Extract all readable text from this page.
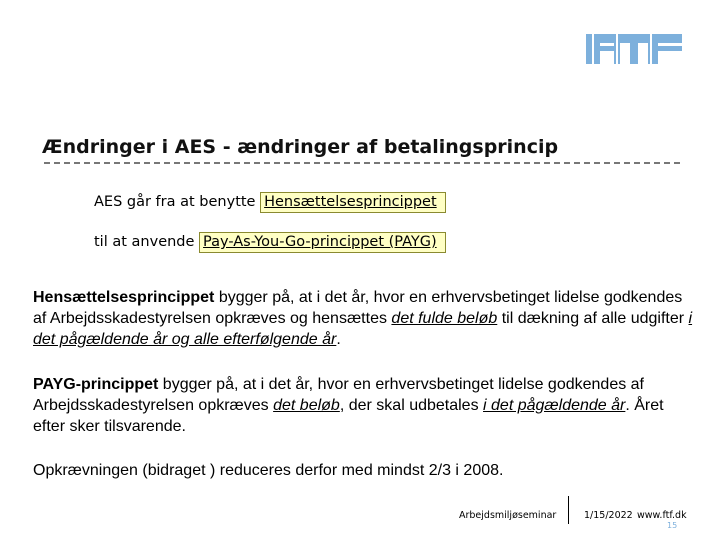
Ændringer i AES - ændringer af betalingsprincip
AES går fra at benytte Hensættelsesprincippet
til at anvende Pay-As-You-Go-princippet (PAYG)
Hensættelsesprincippet bygger på, at i det år, hvor en erhvervsbetinget lidelse godkendes af Arbejdsskadestyrelsen opkræves og hensættes det fulde beløb til dækning af alle udgifter i det pågældende år og alle efterfølgende år.
PAYG-princippet bygger på, at i det år, hvor en erhvervsbetinget lidelse godkendes af Arbejdsskadestyrelsen opkræves det beløb, der skal udbetales i det pågældende år. Året efter sker tilsvarende.
Opkrævningen (bidraget ) reduceres derfor med mindst 2/3 i 2008.
Arbejdsmiljøseminar	1/15/2022 www.ftf.dk
15
